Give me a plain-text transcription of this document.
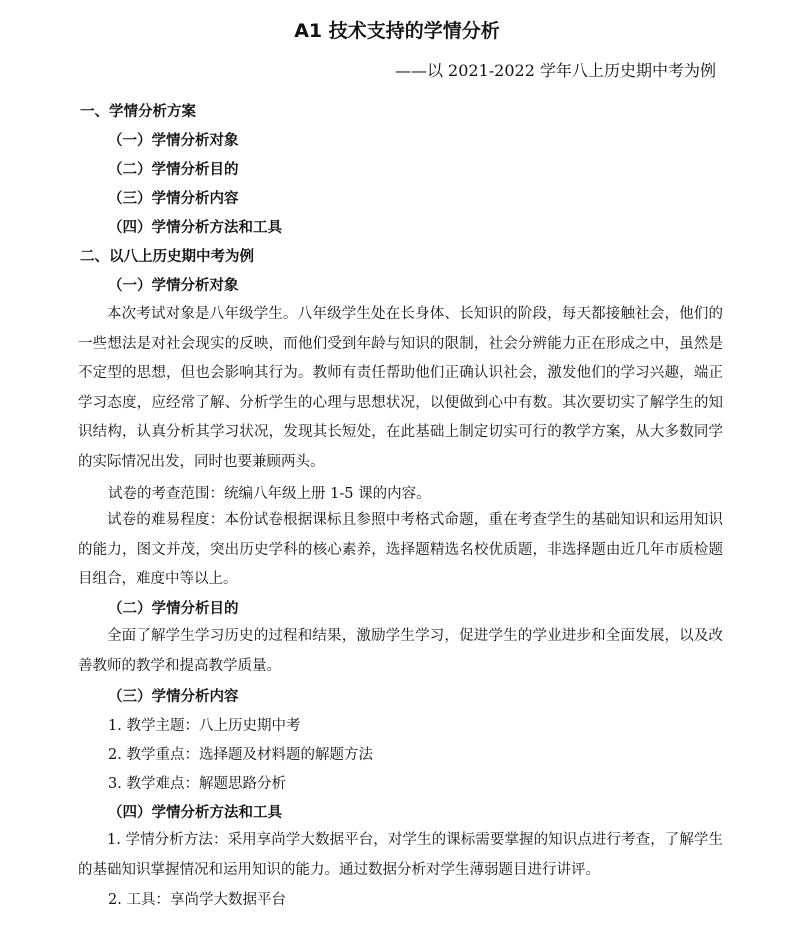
A1 技术支持的学情分析
——以 2021-2022 学年八上历史期中考为例
一、学情分析方案
（一）学情分析对象
（二）学情分析目的
（三）学情分析内容
（四）学情分析方法和工具
二、以八上历史期中考为例
（一）学情分析对象
本次考试对象是八年级学生。八年级学生处在长身体、长知识的阶段，每天都接触社会，他们的一些想法是对社会现实的反映，而他们受到年龄与知识的限制，社会分辨能力正在形成之中，虽然是不定型的思想，但也会影响其行为。教师有责任帮助他们正确认识社会，激发他们的学习兴趣，端正学习态度，应经常了解、分析学生的心理与思想状况，以便做到心中有数。其次要切实了解学生的知识结构，认真分析其学习状况，发现其长短处，在此基础上制定切实可行的教学方案，从大多数同学的实际情况出发，同时也要兼顾两头。
试卷的考查范围：统编八年级上册 1-5 课的内容。
试卷的难易程度：本份试卷根据课标且参照中考格式命题，重在考查学生的基础知识和运用知识的能力，图文并茂，突出历史学科的核心素养，选择题精选名校优质题，非选择题由近几年市质检题目组合，难度中等以上。
（二）学情分析目的
全面了解学生学习历史的过程和结果，激励学生学习，促进学生的学业进步和全面发展，以及改善教师的教学和提高教学质量。
（三）学情分析内容
1. 教学主题：八上历史期中考
2. 教学重点：选择题及材料题的解题方法
3. 教学难点：解题思路分析
（四）学情分析方法和工具
1. 学情分析方法：采用享尚学大数据平台，对学生的课标需要掌握的知识点进行考查，了解学生的基础知识掌握情况和运用知识的能力。通过数据分析对学生薄弱题目进行讲评。
2. 工具：享尚学大数据平台
